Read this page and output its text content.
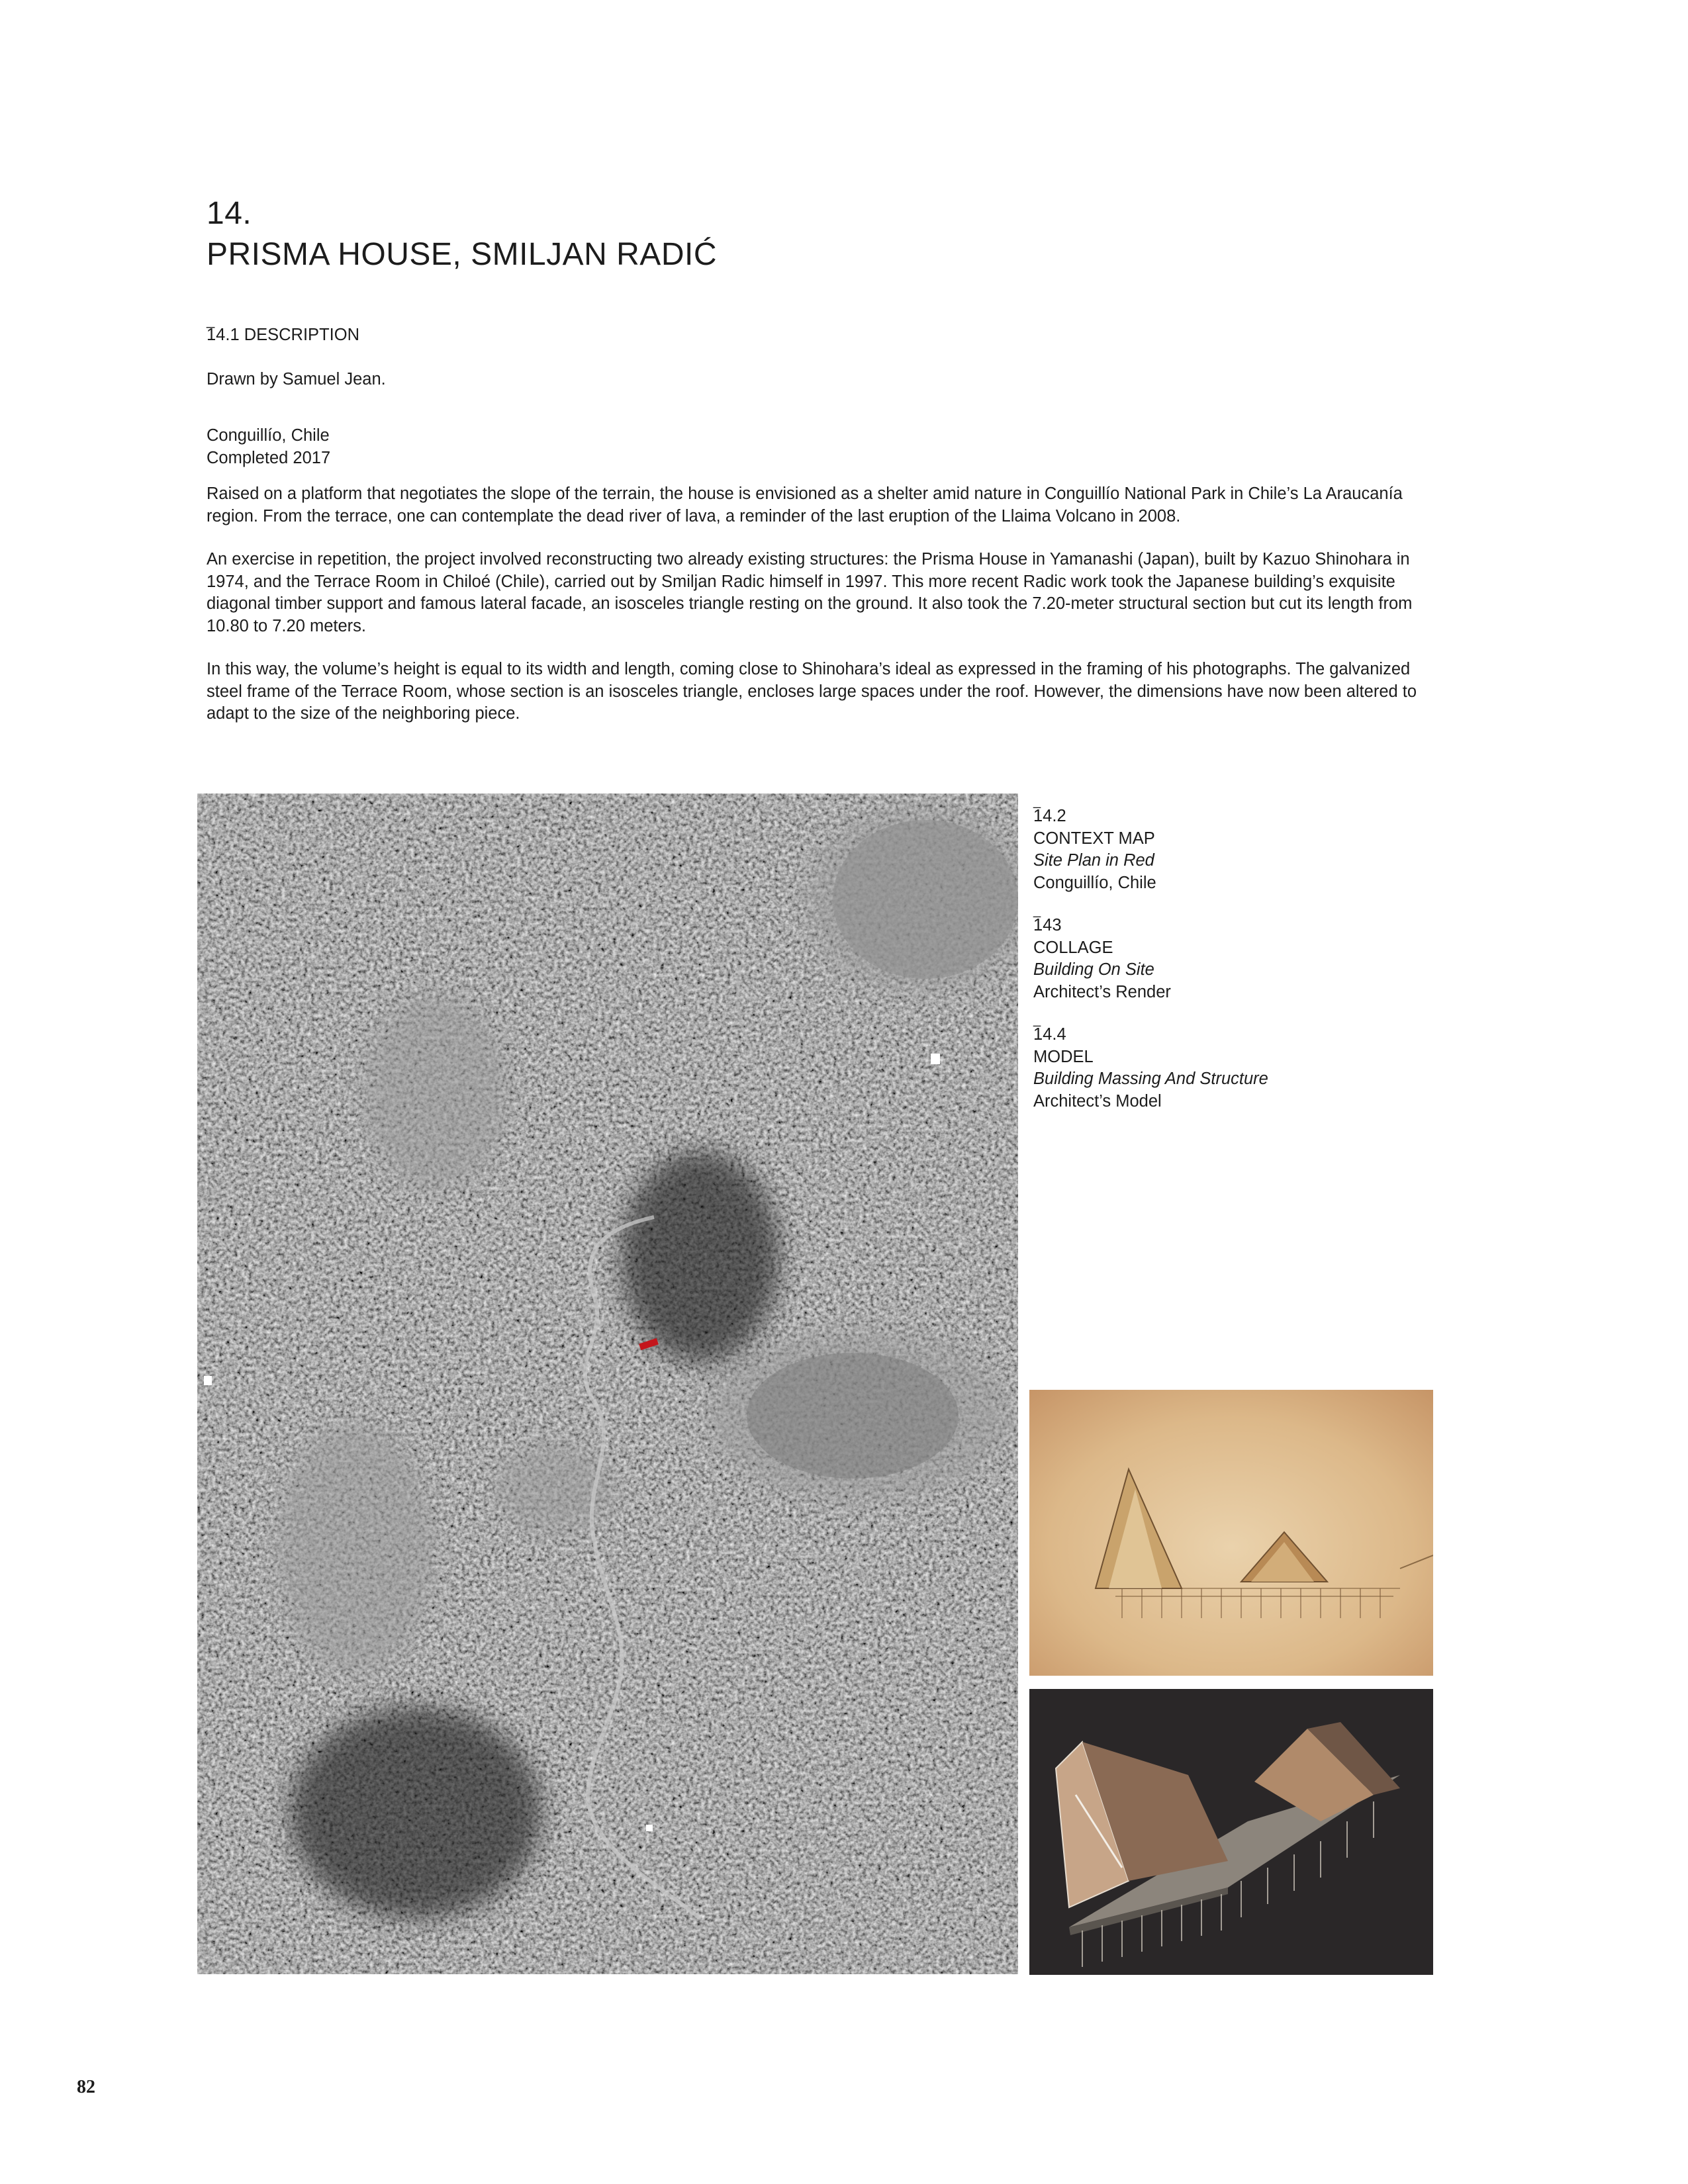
14.
PRISMA HOUSE, SMILJAN RADIĆ
_

14.1 DESCRIPTION

Drawn by Samuel Jean.

Conguillío, Chile

Completed 2017

Raised on a platform that negotiates the slope of the terrain, the house is envisioned as a shelter amid nature in Conguillío National Park in Chile’s La Araucanía region. From the terrace, one can contemplate the dead river of lava, a reminder of the last eruption of the Llaima Volcano in 2008.

An exercise in repetition, the project involved reconstructing two already existing structures: the Prisma House in Yamanashi (Japan), built by Kazuo Shinohara in 1974, and the Terrace Room in Chiloé (Chile), carried out by Smiljan Radic himself in 1997. This more recent Radic work took the Japanese building’s exquisite diagonal timber support and famous lateral facade, an isosceles triangle resting on the ground. It also took the 7.20-meter structural section but cut its length from 10.80 to 7.20 meters.

In this way, the volume’s height is equal to its width and length, coming close to Shinohara’s ideal as expressed in the framing of his photographs. The galvanized steel frame of the Terrace Room, whose section is an isosceles triangle, encloses large spaces under the roof. However, the dimensions have now been altered to adapt to the size of the neighboring piece.

_
14.2
CONTEXT MAP
Site Plan in Red
Conguillío, Chile
_
143
COLLAGE
Building On Site
Architect’s Render
_
14.4
MODEL
Building Massing And Structure
Architect’s Model
82
